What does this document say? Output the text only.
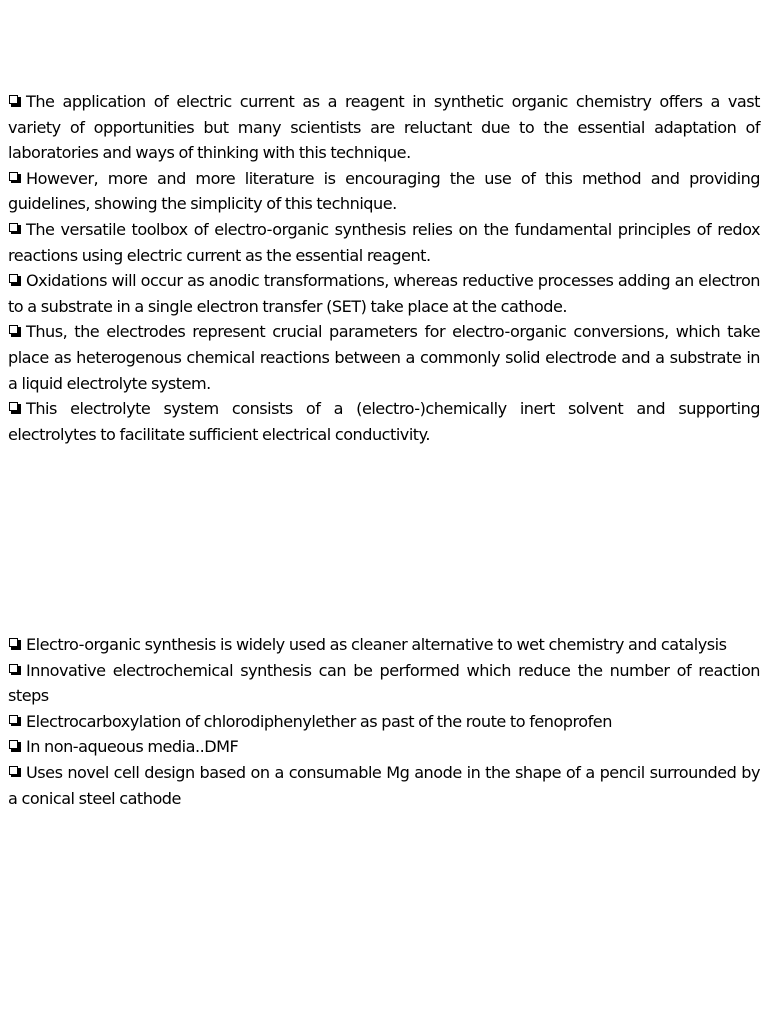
The application of electric current as a reagent in synthetic organic chemistry offers a vast variety of opportunities but many scientists are reluctant due to the essential adaptation of laboratories and ways of thinking with this technique.

However, more and more literature is encouraging the use of this method and providing guidelines, showing the simplicity of this technique.

The versatile toolbox of electro-organic synthesis relies on the fundamental principles of redox reactions using electric current as the essential reagent.

Oxidations will occur as anodic transformations, whereas reductive processes adding an electron to a substrate in a single electron transfer (SET) take place at the cathode.

Thus, the electrodes represent crucial parameters for electro-organic conversions, which take place as heterogenous chemical reactions between a commonly solid electrode and a substrate in a liquid electrolyte system.

This electrolyte system consists of a (electro-)chemically inert solvent and supporting electrolytes to facilitate sufficient electrical conductivity.

Electro-organic synthesis is widely used as cleaner alternative to wet chemistry and catalysis

Innovative electrochemical synthesis can be performed which reduce the number of reaction steps

Electrocarboxylation of chlorodiphenylether as past of the route to fenoprofen

In non-aqueous media..DMF

Uses novel cell design based on a consumable Mg anode in the shape of a pencil surrounded by a conical steel cathode
